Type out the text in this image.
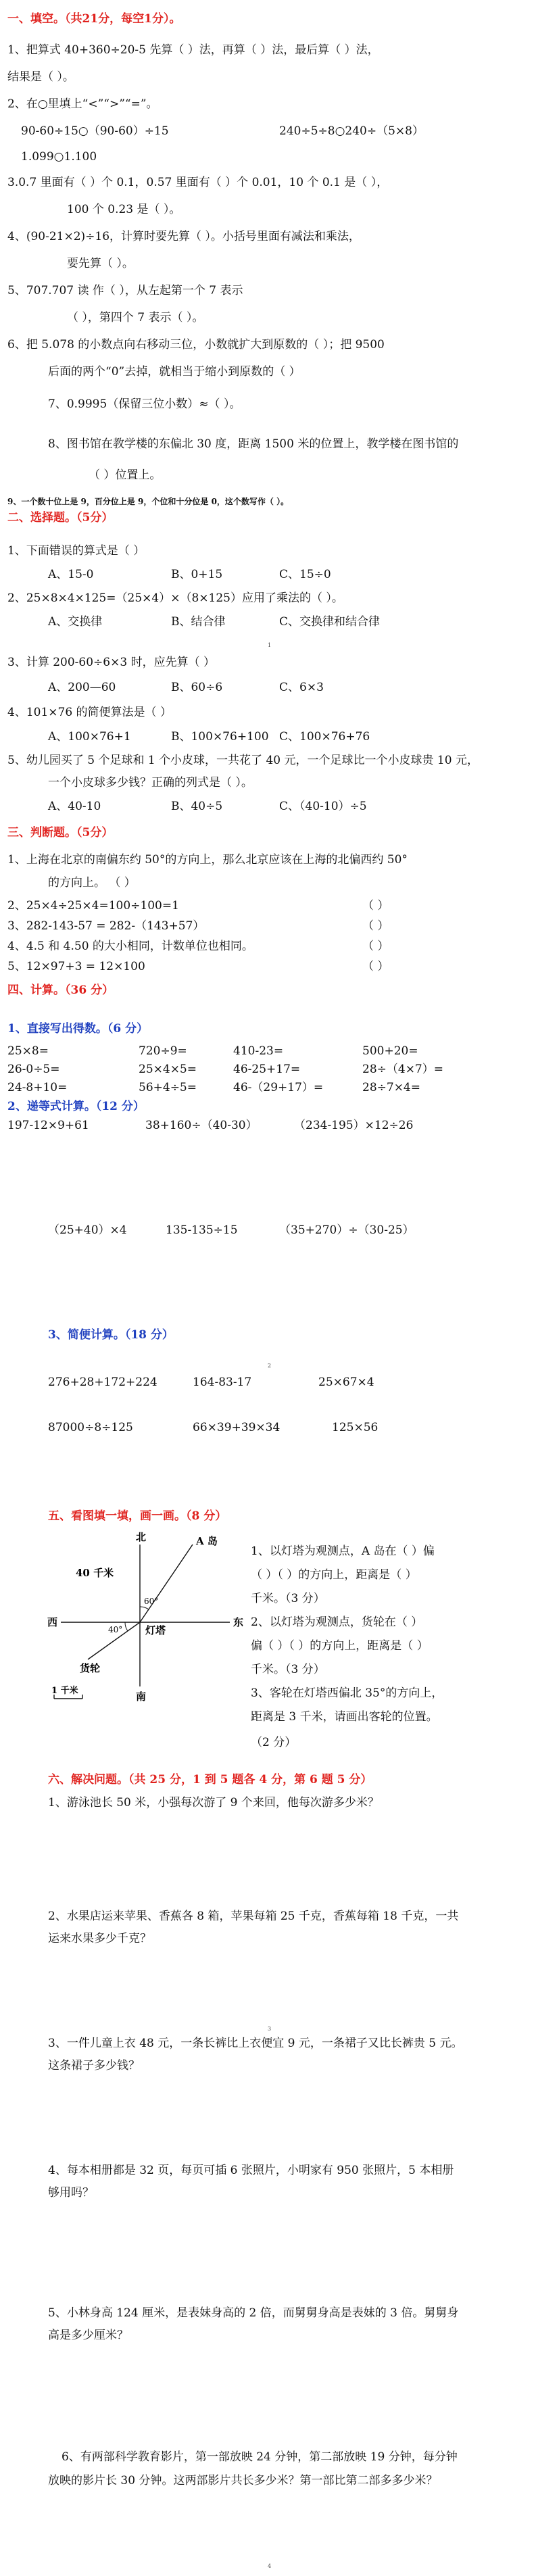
一、填空。（共21分，每空1分）。
1、把算式 40+360÷20-5 先算（ ）法，再算（ ）法，最后算（ ）法，
结果是（ ）。
2、在○里填上“<”“>”“=”。
90-60÷15○（90-60）÷15	240÷5÷8○240÷（5×8）
1.099○1.100
3.0.7 里面有（ ）个 0.1，0.57 里面有（ ）个 0.01，10 个 0.1 是（ ），
100 个 0.23 是（ ）。
4、(90-21×2)÷16，计算时要先算（ ）。小括号里面有减法和乘法，
要先算（ ）。
5、707.707 读 作（ ），从左起第一个 7 表示
（ ），第四个 7 表示（ ）。
6、把 5.078 的小数点向右移动三位，小数就扩大到原数的（ ）；把 9500
后面的两个“0”去掉，就相当于缩小到原数的（ ）
7、0.9995（保留三位小数）≈（ ）。
8、图书馆在教学楼的东偏北 30 度，距离 1500 米的位置上，教学楼在图书馆的
（ ）位置上。
9、一个数十位上是 9，百分位上是 9，个位和十分位是 0，这个数写作（ ）。
二、选择题。（5分）
1、下面错误的算式是（ ）
A、15-0	B、0+15	C、15÷0
2、25×8×4×125=（25×4）×（8×125）应用了乘法的（ ）。
A、交换律	B、结合律	C、交换律和结合律
1
3、计算 200-60÷6×3 时，应先算（ ）
A、200—60	B、60÷6	C、6×3
4、101×76 的简便算法是（ ）
A、100×76+1	B、100×76+100 C、100×76+76
5、幼儿园买了 5 个足球和 1 个小皮球，一共花了 40 元，一个足球比一个小皮球贵 10 元，
一个小皮球多少钱？正确的列式是（ ）。
A、40-10	B、40÷5	C、（40-10）÷5
三、判断题。（5分）
1、上海在北京的南偏东约 50°的方向上，那么北京应该在上海的北偏西约 50°
的方向上。 （ ）
2、25×4÷25×4=100÷100=1	（ ）
3、282-143-57 = 282-（143+57）	（ ）
4、4.5 和 4.50 的大小相同，计数单位也相同。	（ ）
5、12×97+3 = 12×100	（ ）
四、计算。（36 分）
1、直接写出得数。（6 分）
25×8=	720÷9=	410-23=	500+20=
26-0÷5=	25×4×5=	46-25+17=	28÷（4×7）=
24-8+10=	56+4÷5=	46-（29+17）=	28÷7×4=
2、递等式计算。（12 分）
197-12×9+61	38+160÷（40-30）	（234-195）×12÷26
（25+40）×4	135-135÷15	（35+270）÷（30-25）
3、简便计算。（18 分）
2
276+28+172+224	164-83-17	25×67×4
87000÷8÷125	66×39+39×34	125×56
五、看图填一填，画一画。（8 分）
北
南
西	东
A 岛
40 千米
60°
40° 灯塔
货轮
1 千米
1、以灯塔为观测点，A 岛在（ ）偏
（ ）（ ）的方向上，距离是（ ）
千米。（3 分）
2、以灯塔为观测点，货轮在（ ）
偏（ ）（ ）的方向上，距离是（ ）
千米。（3 分）
3、客轮在灯塔西偏北 35°的方向上，
距离是 3 千米，请画出客轮的位置。
（2 分）
六、解决问题。（共 25 分，1 到 5 题各 4 分，第 6 题 5 分）
1、游泳池长 50 米，小强每次游了 9 个来回，他每次游多少米？
2、水果店运来苹果、香蕉各 8 箱，苹果每箱 25 千克，香蕉每箱 18 千克，一共
运来水果多少千克？
3
3、一件儿童上衣 48 元，一条长裤比上衣便宜 9 元，一条裙子又比长裤贵 5 元。
这条裙子多少钱？
4、每本相册都是 32 页，每页可插 6 张照片，小明家有 950 张照片，5 本相册
够用吗？
5、小林身高 124 厘米，是表妹身高的 2 倍，而舅舅身高是表妹的 3 倍。舅舅身
高是多少厘米？
6、有两部科学教育影片，第一部放映 24 分钟，第二部放映 19 分钟，每分钟
放映的影片长 30 分钟。这两部影片共长多少米？第一部比第二部多多少米？
4
